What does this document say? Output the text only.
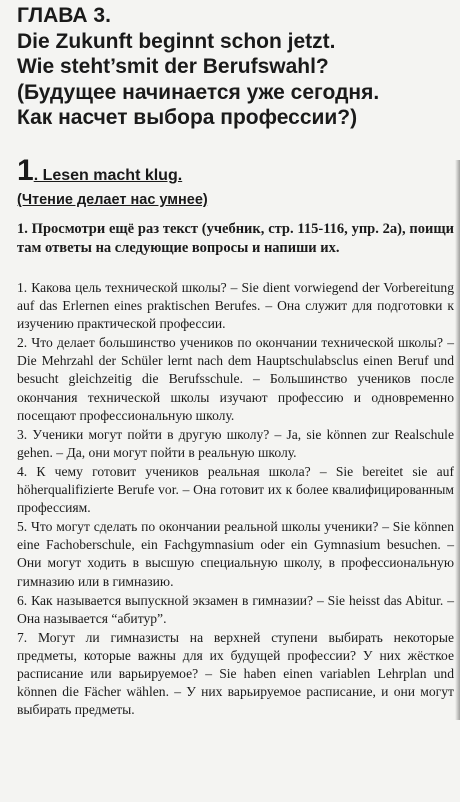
ГЛАВА 3.
Die Zukunft beginnt schon jetzt.
Wie steht’smit der Berufswahl?
(Будущее начинается уже сегодня.
Как насчет выбора профессии?)
1. Lesen macht klug.
(Чтение делает нас умнее)
1. Просмотри ещё раз текст (учебник, стр. 115-116, упр. 2а), поищи там ответы на следующие вопросы и напиши их.

1. Какова цель технической школы? – Sie dient vorwiegend der Vorbereitung auf das Erlernen eines praktischen Berufes. – Она служит для подготовки к изучению практической профессии.

2. Что делает большинство учеников по окончании технической школы? – Die Mehrzahl der Schüler lernt nach dem Hauptschulabsclus einen Beruf und besucht gleichzeitig die Berufsschule. – Большинство учеников после окончания технической школы изучают профессию и одновременно посещают профессиональную школу.

3. Ученики могут пойти в другую школу? – Ja, sie können zur Realschule gehen. – Да, они могут пойти в реальную школу.

4. К чему готовит учеников реальная школа? – Sie bereitet sie auf höherqualifizierte Berufe vor. – Она готовит их к более квалифицированным профессиям.

5. Что могут сделать по окончании реальной школы ученики? – Sie können eine Fachoberschule, ein Fachgymnasium oder ein Gymnasium besuchen. – Они могут ходить в высшую специальную школу, в профессиональную гимназию или в гимназию.

6. Как называется выпускной экзамен в гимназии? – Sie heisst das Abitur. – Она называется “абитур”.

7. Могут ли гимназисты на верхней ступени выбирать некоторые предметы, которые важны для их будущей профессии? У них жёсткое расписание или варьируемое? – Sie haben einen variablen Lehrplan und können die Fächer wählen. – У них варьируемое расписание, и они могут выбирать предметы.
